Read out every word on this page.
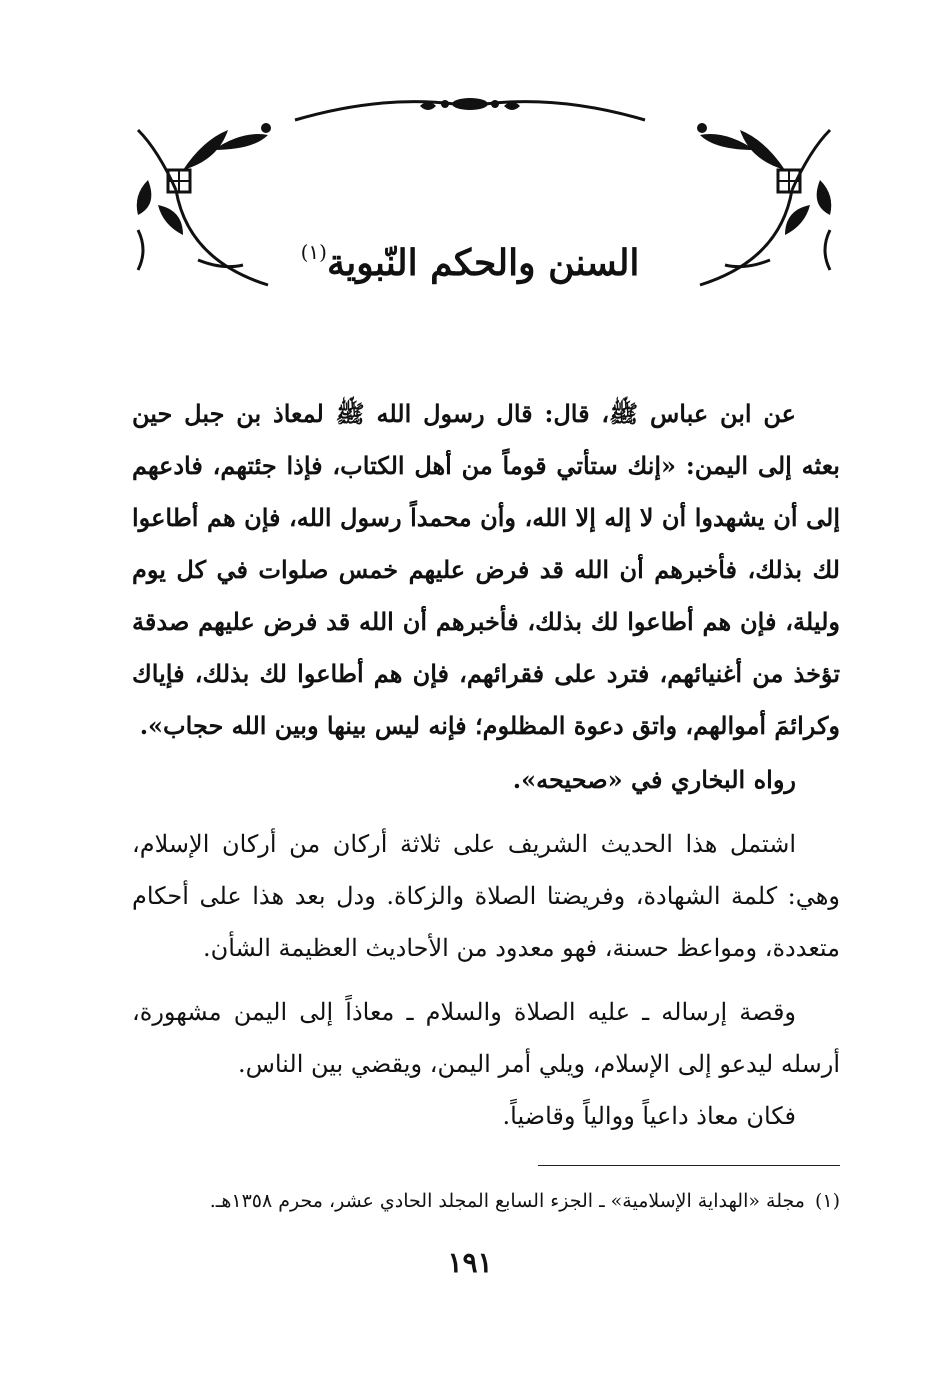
السنن والحكم النّبوية$^{(١)}$

عن ابن عباس ﷺ، قال: قال رسول الله ﷺ لمعاذ بن جبل حين بعثه إلى اليمن: «إنك ستأتي قوماً من أهل الكتاب، فإذا جئتهم، فادعهم إلى أن يشهدوا أن لا إله إلا الله، وأن محمداً رسول الله، فإن هم أطاعوا لك بذلك، فأخبرهم أن الله قد فرض عليهم خمس صلوات في كل يوم وليلة، فإن هم أطاعوا لك بذلك، فأخبرهم أن الله قد فرض عليهم صدقة تؤخذ من أغنيائهم، فترد على فقرائهم، فإن هم أطاعوا لك بذلك، فإياك وكرائمَ أموالهم، واتق دعوة المظلوم؛ فإنه ليس بينها وبين الله حجاب».

رواه البخاري في «صحيحه».

اشتمل هذا الحديث الشريف على ثلاثة أركان من أركان الإسلام، وهي: كلمة الشهادة، وفريضتا الصلاة والزكاة. ودل بعد هذا على أحكام متعددة، ومواعظ حسنة، فهو معدود من الأحاديث العظيمة الشأن.

وقصة إرساله ـ عليه الصلاة والسلام ـ معاذاً إلى اليمن مشهورة، أرسله ليدعو إلى الإسلام، ويلي أمر اليمن، ويقضي بين الناس.

فكان معاذ داعياً ووالياً وقاضياً.

(١)مجلة «الهداية الإسلامية» ـ الجزء السابع المجلد الحادي عشر، محرم ١٣٥٨هـ.
١٩١
